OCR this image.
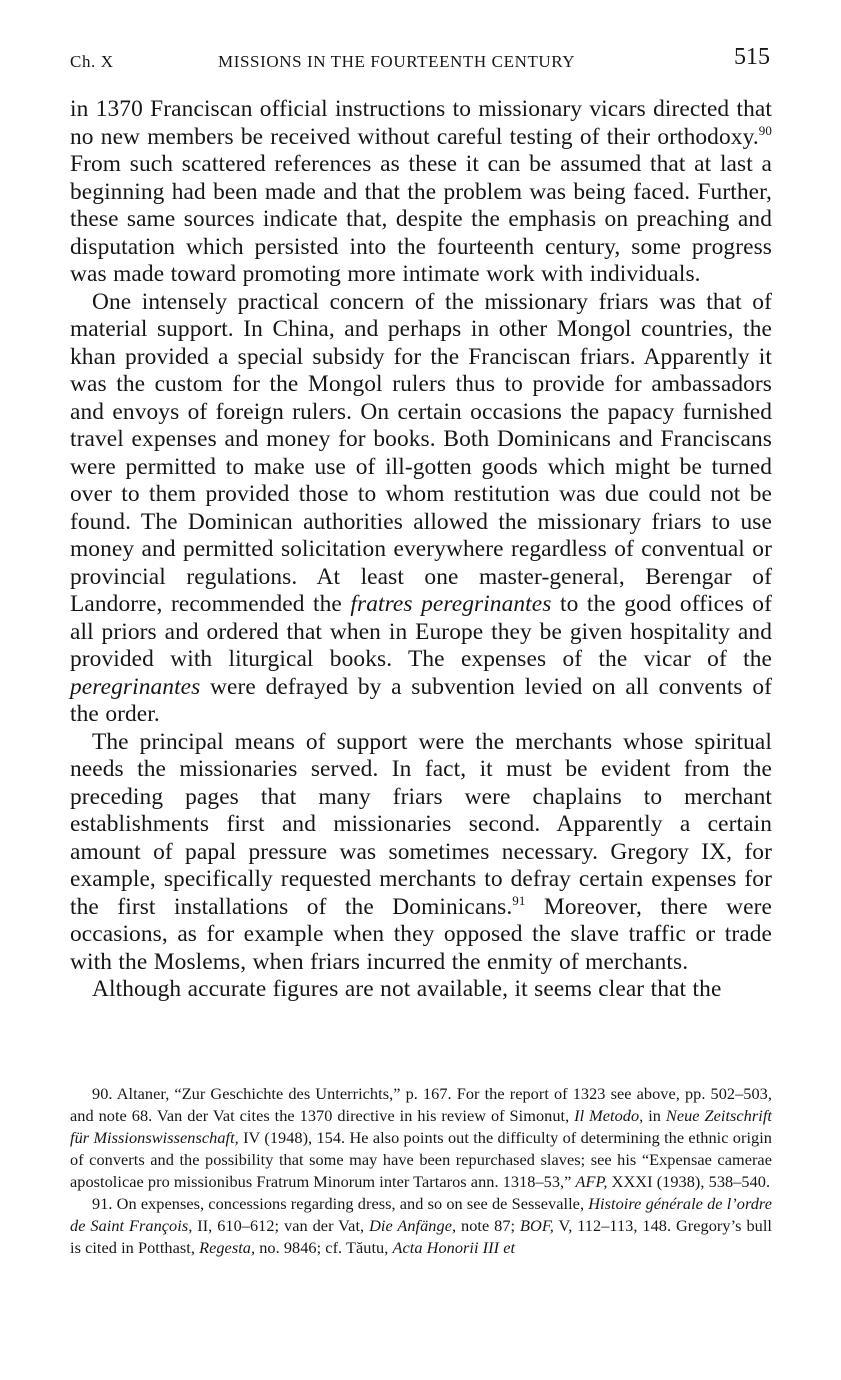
Ch. X	MISSIONS IN THE FOURTEENTH CENTURY	515

in 1370 Franciscan official instructions to missionary vicars directed that no new members be received without careful testing of their orthodoxy.$^{90}$ From such scattered references as these it can be assumed that at last a beginning had been made and that the problem was being faced. Further, these same sources indicate that, despite the emphasis on preaching and disputation which persisted into the fourteenth century, some progress was made toward promoting more intimate work with individuals.

One intensely practical concern of the missionary friars was that of material support. In China, and perhaps in other Mongol countries, the khan provided a special subsidy for the Franciscan friars. Apparently it was the custom for the Mongol rulers thus to provide for ambassadors and envoys of foreign rulers. On certain occasions the papacy furnished travel expenses and money for books. Both Dominicans and Franciscans were permitted to make use of ill-gotten goods which might be turned over to them provided those to whom restitution was due could not be found. The Dominican authorities allowed the missionary friars to use money and permitted solicitation everywhere regardless of conventual or provincial regulations. At least one master-general, Berengar of Landorre, recommended the fratres peregrinantes to the good offices of all priors and ordered that when in Europe they be given hospitality and provided with liturgical books. The expenses of the vicar of the peregrinantes were defrayed by a subvention levied on all convents of the order.

The principal means of support were the merchants whose spiritual needs the missionaries served. In fact, it must be evident from the preceding pages that many friars were chaplains to merchant establishments first and missionaries second. Apparently a certain amount of papal pressure was sometimes necessary. Gregory IX, for example, specifically requested merchants to defray certain expenses for the first installations of the Dominicans.$^{91}$ Moreover, there were occasions, as for example when they opposed the slave traffic or trade with the Moslems, when friars incurred the enmity of merchants.

Although accurate figures are not available, it seems clear that the

90. Altaner, “Zur Geschichte des Unterrichts,” p. 167. For the report of 1323 see above, pp. 502–503, and note 68. Van der Vat cites the 1370 directive in his review of Simonut, Il Metodo, in Neue Zeitschrift für Missionswissenschaft, IV (1948), 154. He also points out the difficulty of determining the ethnic origin of converts and the possibility that some may have been repurchased slaves; see his “Expensae camerae apostolicae pro missionibus Fratrum Minorum inter Tartaros ann. 1318–53,” AFP, XXXI (1938), 538–540.

91. On expenses, concessions regarding dress, and so on see de Sessevalle, Histoire générale de l’ordre de Saint François, II, 610–612; van der Vat, Die Anfänge, note 87; BOF, V, 112–113, 148. Gregory’s bull is cited in Potthast, Regesta, no. 9846; cf. Tăutu, Acta Honorii III et
